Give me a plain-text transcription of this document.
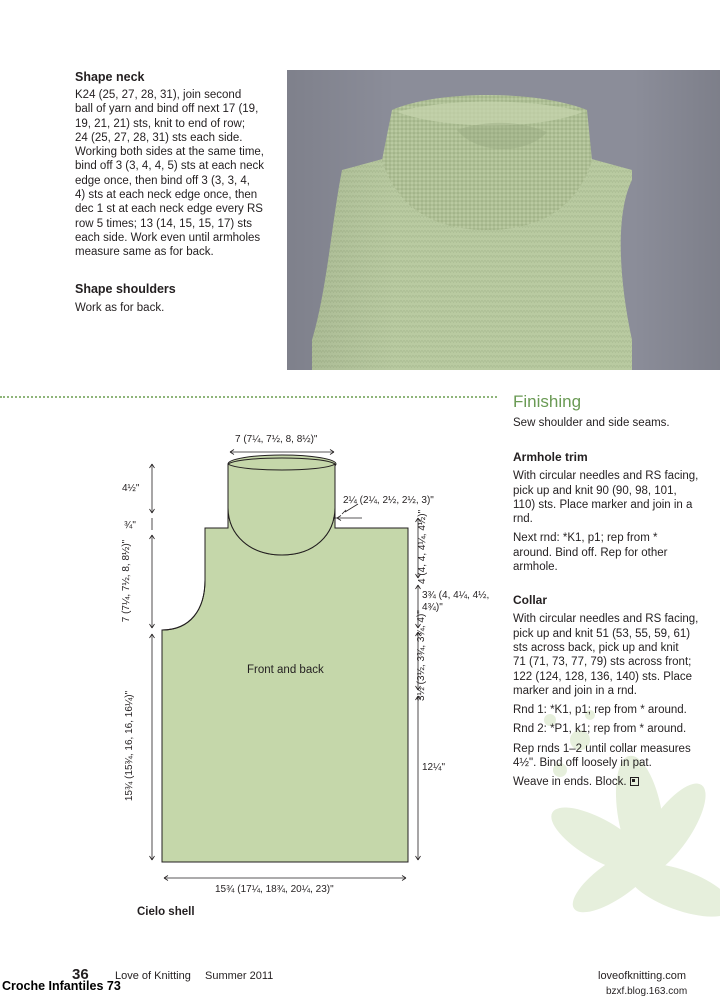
Shape neck
K24 (25, 27, 28, 31), join second
ball of yarn and bind off next 17 (19,
19, 21, 21) sts, knit to end of row;
24 (25, 27, 28, 31) sts each side.
Working both sides at the same time,
bind off 3 (3, 4, 4, 5) sts at each neck
edge once, then bind off 3 (3, 3, 4,
4) sts at each neck edge once, then
dec 1 st at each neck edge every RS
row 5 times; 13 (14, 15, 15, 17) sts
each side. Work even until armholes
measure same as for back.
Shape shoulders
Work as for back.
7 (7¼, 7½, 8, 8½)"
2¼ (2¼, 2½, 2½, 3)"
4½"
¾"
7 (7¼, 7½, 8, 8½)"
15¾ (15¾, 16, 16, 16¼)"
4 (4, 4, 4¼, 4½)"
3¾ (4, 4¼, 4½, 4¾)"
3½ (3½, 3¾, 3¾, 4)"
12¼"
15¾ (17¼, 18¾, 20¼, 23)"
Front and back
Cielo shell
Finishing
Sew shoulder and side seams.
Armhole trim
With circular needles and RS facing,
pick up and knit 90 (90, 98, 101,
110) sts. Place marker and join in a
rnd.
Next rnd: *K1, p1; rep from *
around. Bind off. Rep for other
armhole.
Collar
With circular needles and RS facing,
pick up and knit 51 (53, 55, 59, 61)
sts across back, pick up and knit
71 (71, 73, 77, 79) sts across front;
122 (124, 128, 136, 140) sts. Place
marker and join in a rnd.
Rnd 1: *K1, p1; rep from * around.
Rnd 2: *P1, k1; rep from * around.
Rep rnds 1–2 until collar measures
4½". Bind off loosely in pat.
Weave in ends. Block.
36 Love of Knitting Summer 2011	loveofknitting.com
Croche Infantiles 73	bzxf.blog.163.com
